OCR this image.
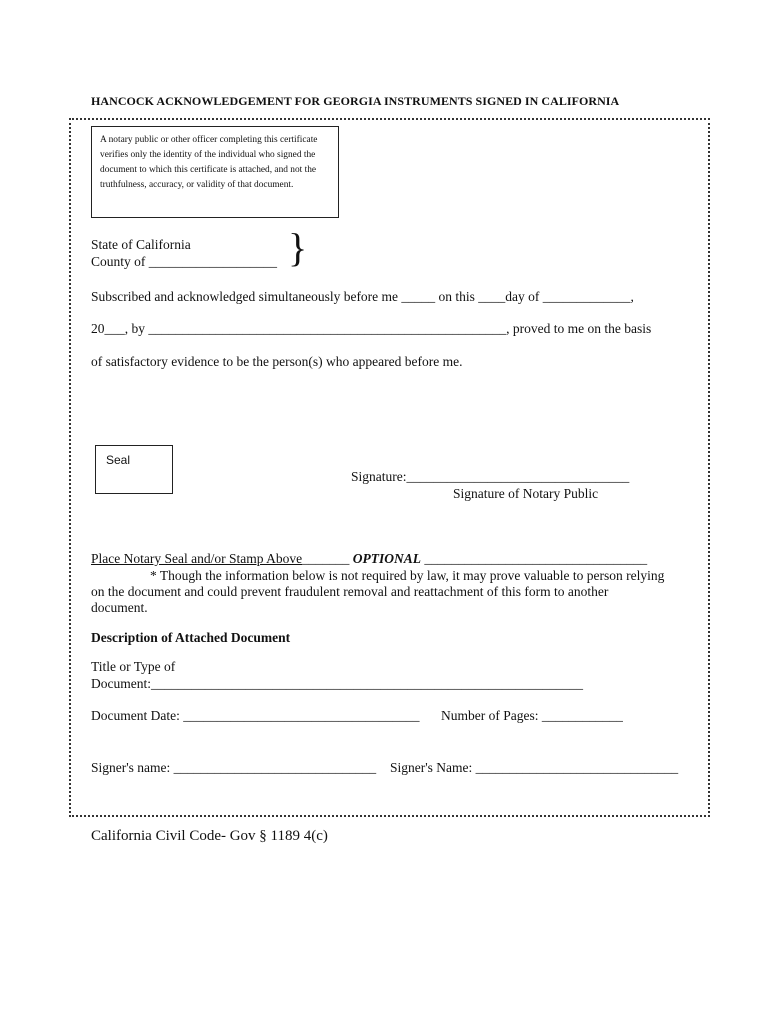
HANCOCK ACKNOWLEDGEMENT FOR GEORGIA INSTRUMENTS SIGNED IN CALIFORNIA
A notary public or other officer completing this certificate verifies only the identity of the individual who signed the document to which this certificate is attached, and not the truthfulness, accuracy, or validity of that document.
State of California
County of ___________________ }
Subscribed and acknowledged simultaneously before me _____ on this ____day of _____________,
20___, by _____________________________________________________, proved to me on the basis
of satisfactory evidence to be the person(s) who appeared before me.
Seal
Signature:_________________________________
Signature of Notary Public
Place Notary Seal and/or Stamp Above_______ OPTIONAL _________________________________
* Though the information below is not required by law, it may prove valuable to person relying
on the document and could prevent fraudulent removal and reattachment of this form to another
document.
Description of Attached Document
Title or Type of
Document:________________________________________________________________
Document Date: ___________________________________ Number of Pages: ____________
Signer's name: ______________________________ Signer's Name: ______________________________
California Civil Code- Gov § 1189 4(c)
